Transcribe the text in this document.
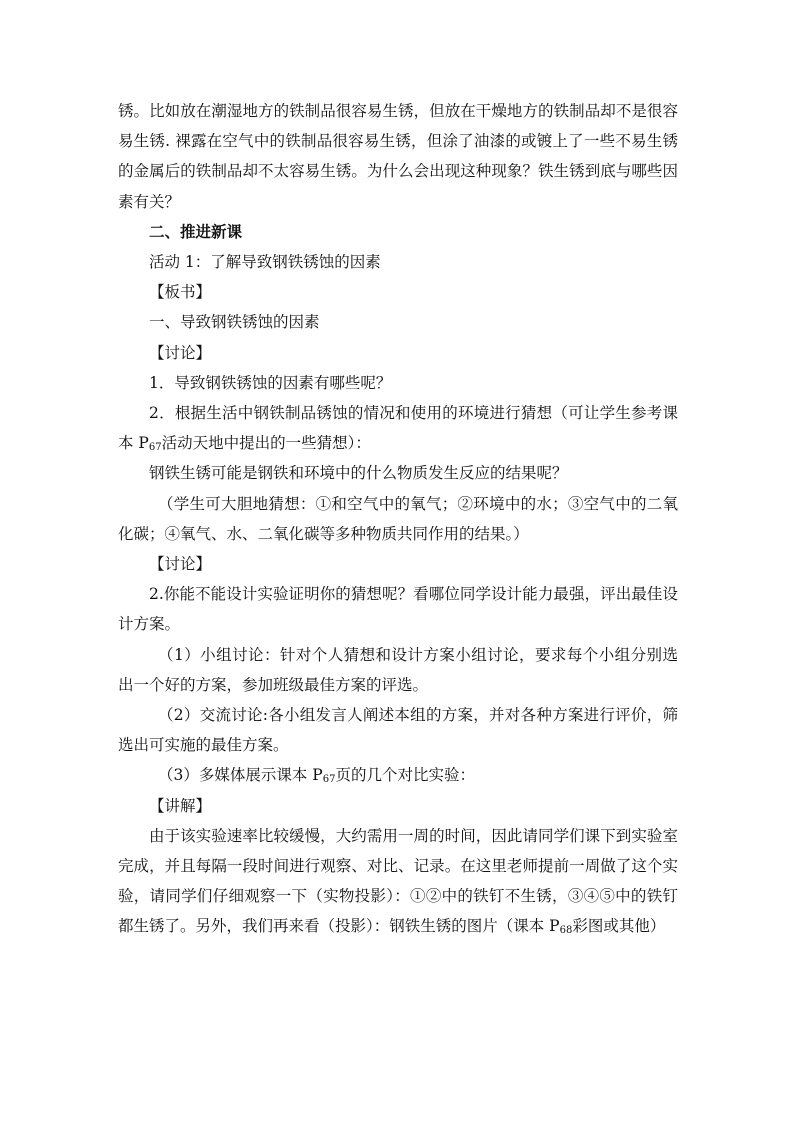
锈。比如放在潮湿地方的铁制品很容易生锈，但放在干燥地方的铁制品却不是很容易生锈. 裸露在空气中的铁制品很容易生锈，但涂了油漆的或镀上了一些不易生锈的金属后的铁制品却不太容易生锈。为什么会出现这种现象？铁生锈到底与哪些因素有关？

二、推进新课

活动 1：了解导致钢铁锈蚀的因素

【板书】

一、导致钢铁锈蚀的因素

【讨论】

1．导致钢铁锈蚀的因素有哪些呢？

2．根据生活中钢铁制品锈蚀的情况和使用的环境进行猜想（可让学生参考课本 $P_{67}$活动天地中提出的一些猜想）：

钢铁生锈可能是钢铁和环境中的什么物质发生反应的结果呢？

（学生可大胆地猜想：①和空气中的氧气；②环境中的水；③空气中的二氧化碳；④氧气、水、二氧化碳等多种物质共同作用的结果。）

【讨论】

2.你能不能设计实验证明你的猜想呢？看哪位同学设计能力最强，评出最佳设计方案。

（1）小组讨论：针对个人猜想和设计方案小组讨论，要求每个小组分别选出一个好的方案，参加班级最佳方案的评选。

（2）交流讨论:各小组发言人阐述本组的方案，并对各种方案进行评价，筛选出可实施的最佳方案。

（3）多媒体展示课本 $P_{67}$页的几个对比实验：

【讲解】

由于该实验速率比较缓慢，大约需用一周的时间，因此请同学们课下到实验室完成，并且每隔一段时间进行观察、对比、记录。在这里老师提前一周做了这个实验，请同学们仔细观察一下（实物投影）：①②中的铁钉不生锈，③④⑤中的铁钉都生锈了。另外，我们再来看（投影）：钢铁生锈的图片（课本 $P_{68}$彩图或其他）
